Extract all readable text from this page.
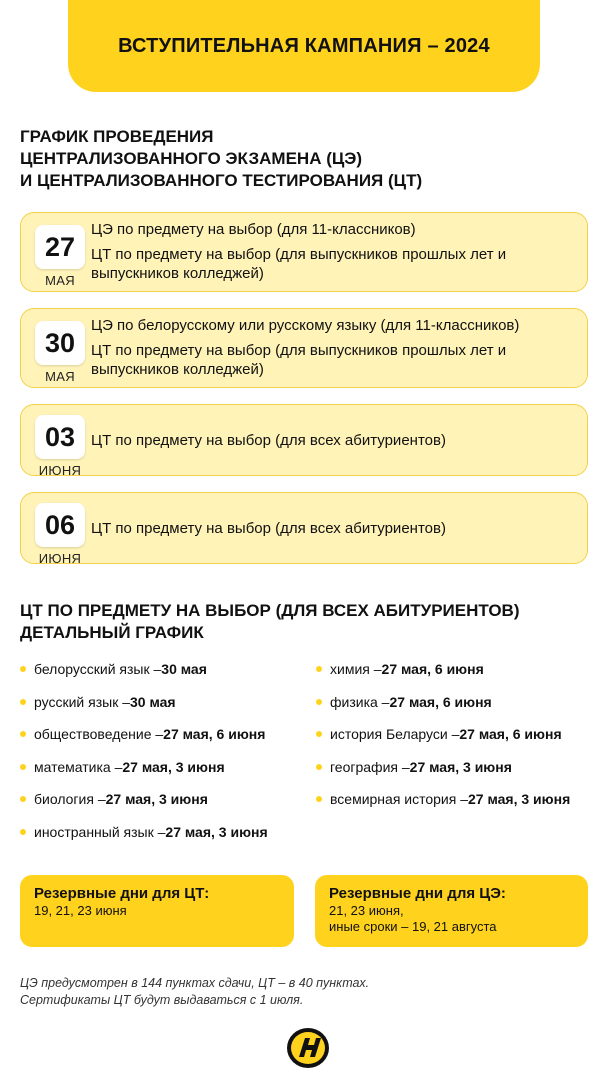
ВСТУПИТЕЛЬНАЯ КАМПАНИЯ – 2024
ГРАФИК ПРОВЕДЕНИЯ
ЦЕНТРАЛИЗОВАННОГО ЭКЗАМЕНА (ЦЭ)
И ЦЕНТРАЛИЗОВАННОГО ТЕСТИРОВАНИЯ (ЦТ)
27
МАЯ
ЦЭ по предмету на выбор (для 11-классников)
ЦТ по предмету на выбор (для выпускников прошлых лет и выпускников колледжей)
30
МАЯ
ЦЭ по белорусскому или русскому языку (для 11-классников)
ЦТ по предмету на выбор (для выпускников прошлых лет и выпускников колледжей)
03
ИЮНЯ
ЦТ по предмету на выбор (для всех абитуриентов)
06
ИЮНЯ
ЦТ по предмету на выбор (для всех абитуриентов)
ЦТ ПО ПРЕДМЕТУ НА ВЫБОР (ДЛЯ ВСЕХ АБИТУРИЕНТОВ)
ДЕТАЛЬНЫЙ ГРАФИК
белорусский язык – 30 мая
русский язык – 30 мая
обществоведение – 27 мая, 6 июня
математика – 27 мая, 3 июня
биология – 27 мая, 3 июня
иностранный язык – 27 мая, 3 июня
химия – 27 мая, 6 июня
физика – 27 мая, 6 июня
история Беларуси – 27 мая, 6 июня
география – 27 мая, 3 июня
всемирная история – 27 мая, 3 июня
Резервные дни для ЦТ:
19, 21, 23 июня
Резервные дни для ЦЭ:
21, 23 июня,
иные сроки – 19, 21 августа
ЦЭ предусмотрен в 144 пунктах сдачи, ЦТ – в 40 пунктах.
Сертификаты ЦТ будут выдаваться с 1 июля.
